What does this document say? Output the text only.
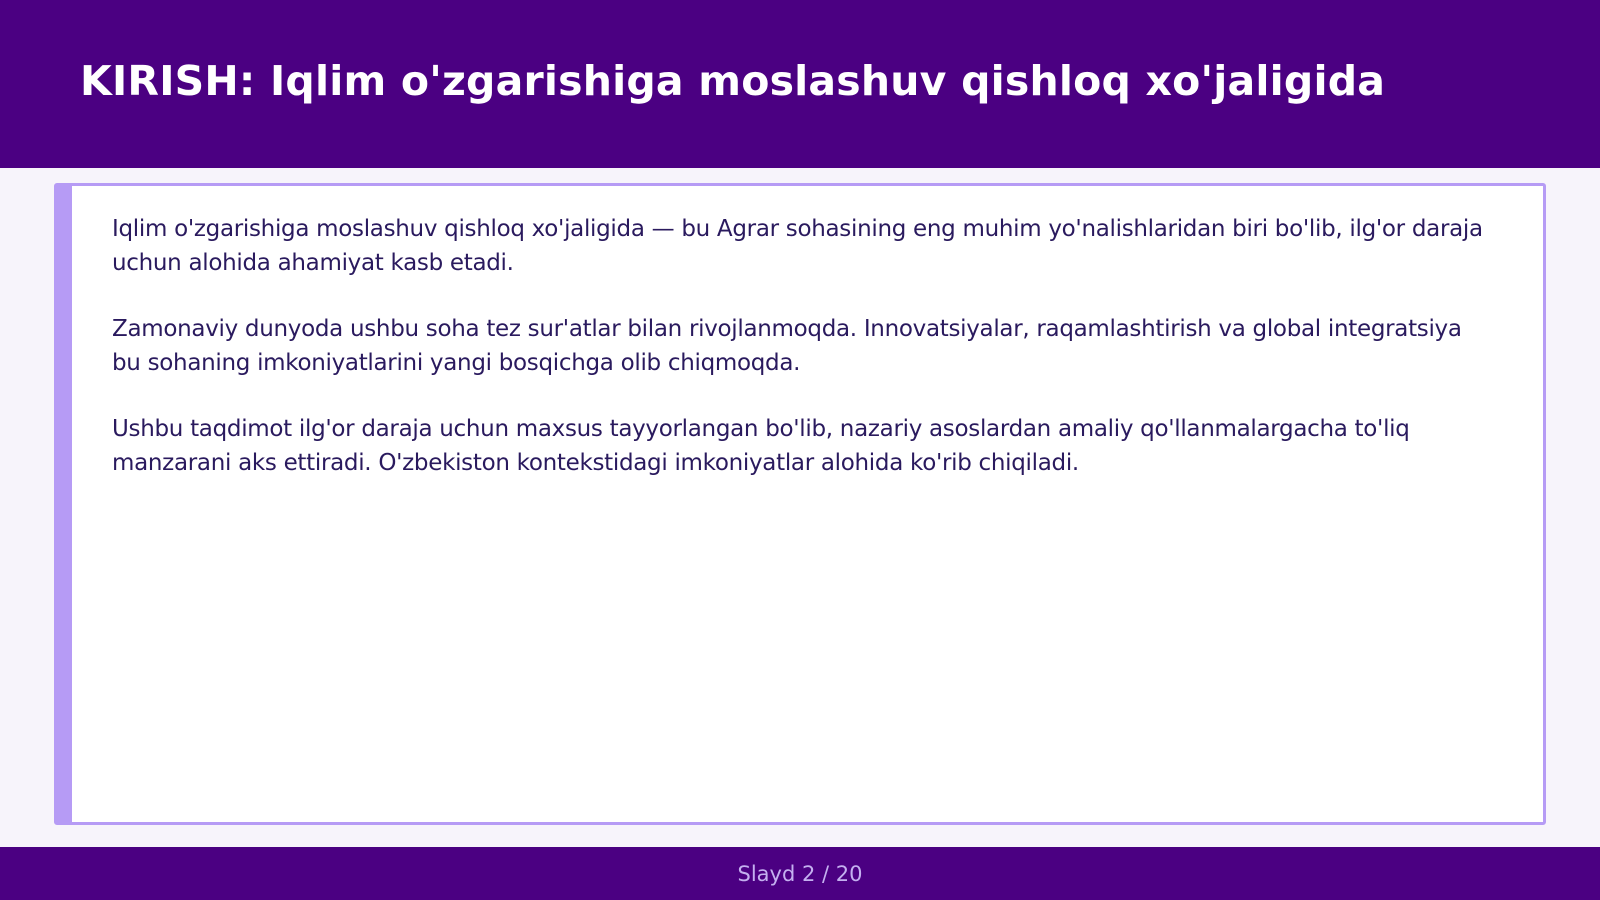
KIRISH: Iqlim o'zgarishiga moslashuv qishloq xo'jaligida

Iqlim o'zgarishiga moslashuv qishloq xo'jaligida — bu Agrar sohasining eng muhim yo'nalishlaridan biri bo'lib, ilg'or daraja uchun alohida ahamiyat kasb etadi.

Zamonaviy dunyoda ushbu soha tez sur'atlar bilan rivojlanmoqda. Innovatsiyalar, raqamlashtirish va global integratsiya bu sohaning imkoniyatlarini yangi bosqichga olib chiqmoqda.

Ushbu taqdimot ilg'or daraja uchun maxsus tayyorlangan bo'lib, nazariy asoslardan amaliy qo'llanmalargacha to'liq manzarani aks ettiradi. O'zbekiston kontekstidagi imkoniyatlar alohida ko'rib chiqiladi.

Slayd 2 / 20
